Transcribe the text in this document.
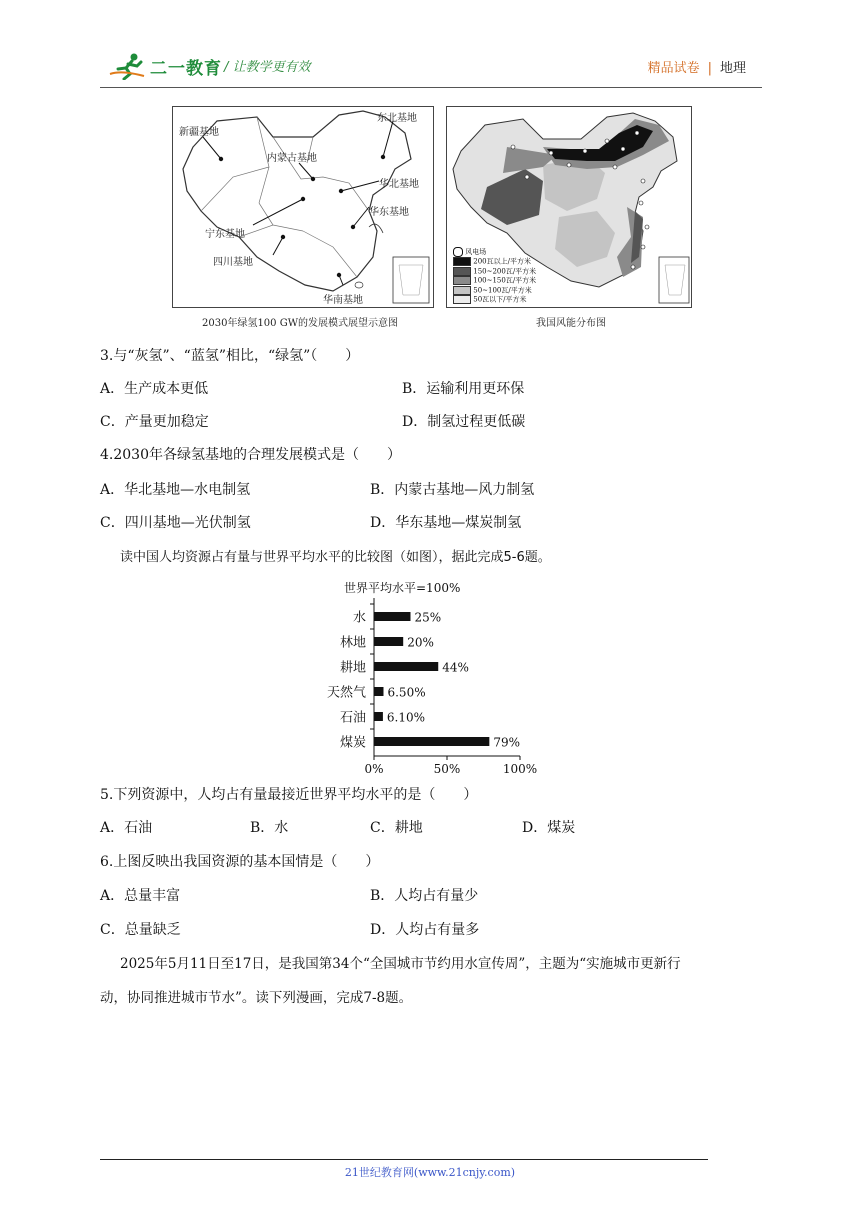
二一教育 / 让教学更有效	精品试卷 | 地理
新疆基地
东北基地
内蒙古基地
华北基地
宁东基地
华东基地
四川基地
华南基地
2030年绿氢100 GW的发展模式展望示意图
风电场
200瓦以上/平方米
150~200瓦/平方米
100~150瓦/平方米
50~100瓦/平方米
50瓦以下/平方米
我国风能分布图
3.与“灰氢”、“蓝氢”相比，“绿氢”（　　）
A．生产成本更低	B．运输利用更环保
C．产量更加稳定	D．制氢过程更低碳
4.2030年各绿氢基地的合理发展模式是（　　）
A．华北基地—水电制氢	B．内蒙古基地—风力制氢
C．四川基地—光伏制氢	D．华东基地—煤炭制氢
读中国人均资源占有量与世界平均水平的比较图（如图），据此完成5-6题。
世界平均水平=100%
水	25%
林地	20%
耕地	44%
天然气 6.50%
石油 6.10%
煤炭	79%
0%	50%	100%
5.下列资源中，人均占有量最接近世界平均水平的是（　　）
A．石油	B．水	C．耕地	D．煤炭
6.上图反映出我国资源的基本国情是（　　）
A．总量丰富	B．人均占有量少
C．总量缺乏	D．人均占有量多
2025年5月11日至17日，是我国第34个“全国城市节约用水宣传周”，主题为“实施城市更新行
动，协同推进城市节水”。读下列漫画，完成7-8题。
21世纪教育网(www.21cnjy.com)
